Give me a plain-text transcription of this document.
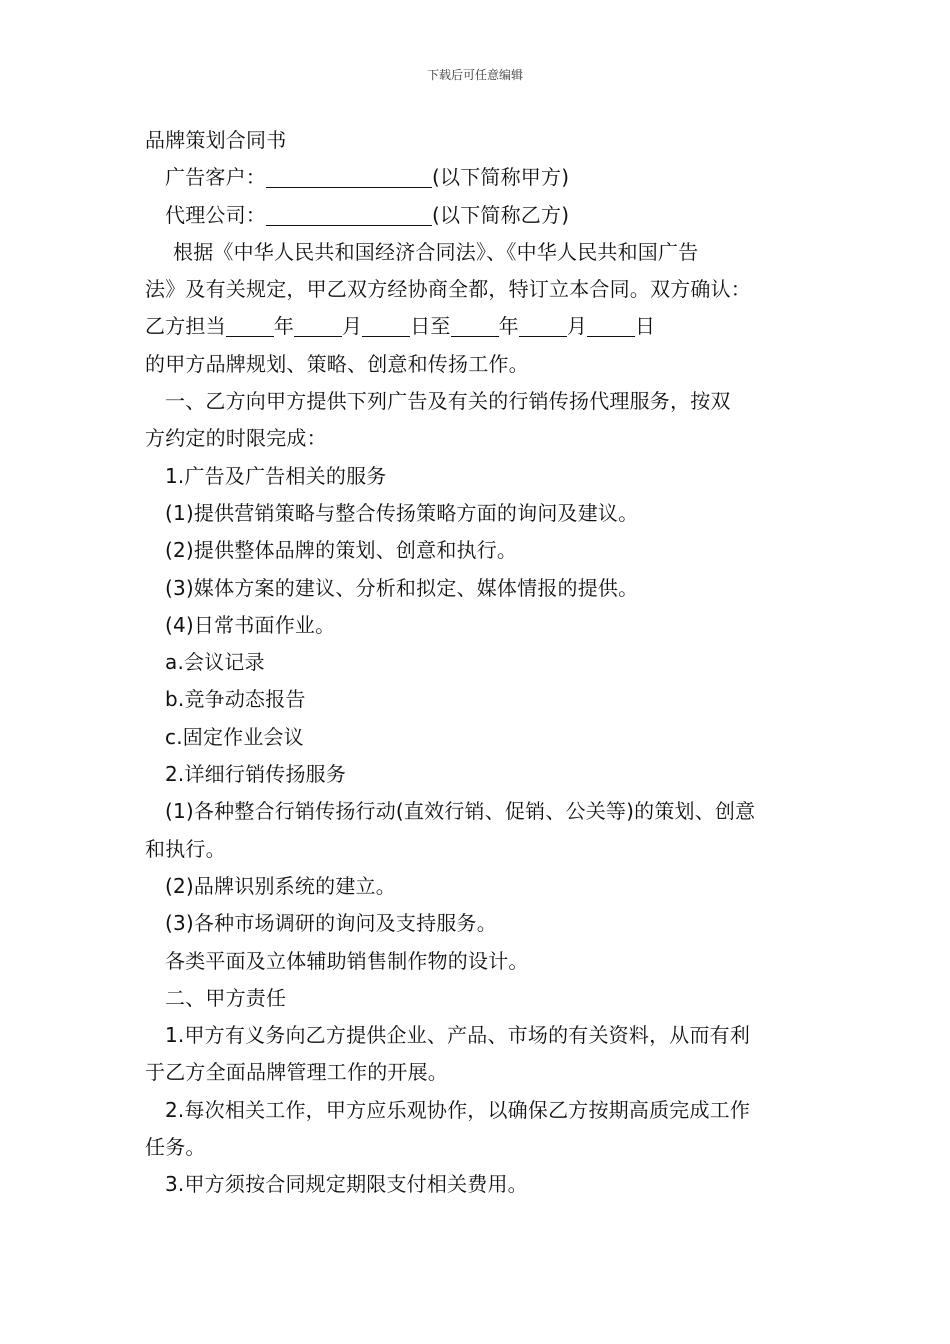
下载后可任意编辑
品牌策划合同书
广告客户：	(以下简称甲方)
代理公司：	(以下简称乙方)
根据《中华人民共和国经济合同法》、《中华人民共和国广告
法》及有关规定，甲乙双方经协商全都，特订立本合同。双方确认：
乙方担当 年 月 日至 年 月 日
的甲方品牌规划、策略、创意和传扬工作。
一、乙方向甲方提供下列广告及有关的行销传扬代理服务，按双
方约定的时限完成：
1.广告及广告相关的服务
(1)提供营销策略与整合传扬策略方面的询问及建议。
(2)提供整体品牌的策划、创意和执行。
(3)媒体方案的建议、分析和拟定、媒体情报的提供。
(4)日常书面作业。
a.会议记录
b.竞争动态报告
c.固定作业会议
2.详细行销传扬服务
(1)各种整合行销传扬行动(直效行销、促销、公关等)的策划、创意
和执行。
(2)品牌识别系统的建立。
(3)各种市场调研的询问及支持服务。
各类平面及立体辅助销售制作物的设计。
二、甲方责任
1.甲方有义务向乙方提供企业、产品、市场的有关资料，从而有利
于乙方全面品牌管理工作的开展。
2.每次相关工作，甲方应乐观协作，以确保乙方按期高质完成工作
任务。
3.甲方须按合同规定期限支付相关费用。
